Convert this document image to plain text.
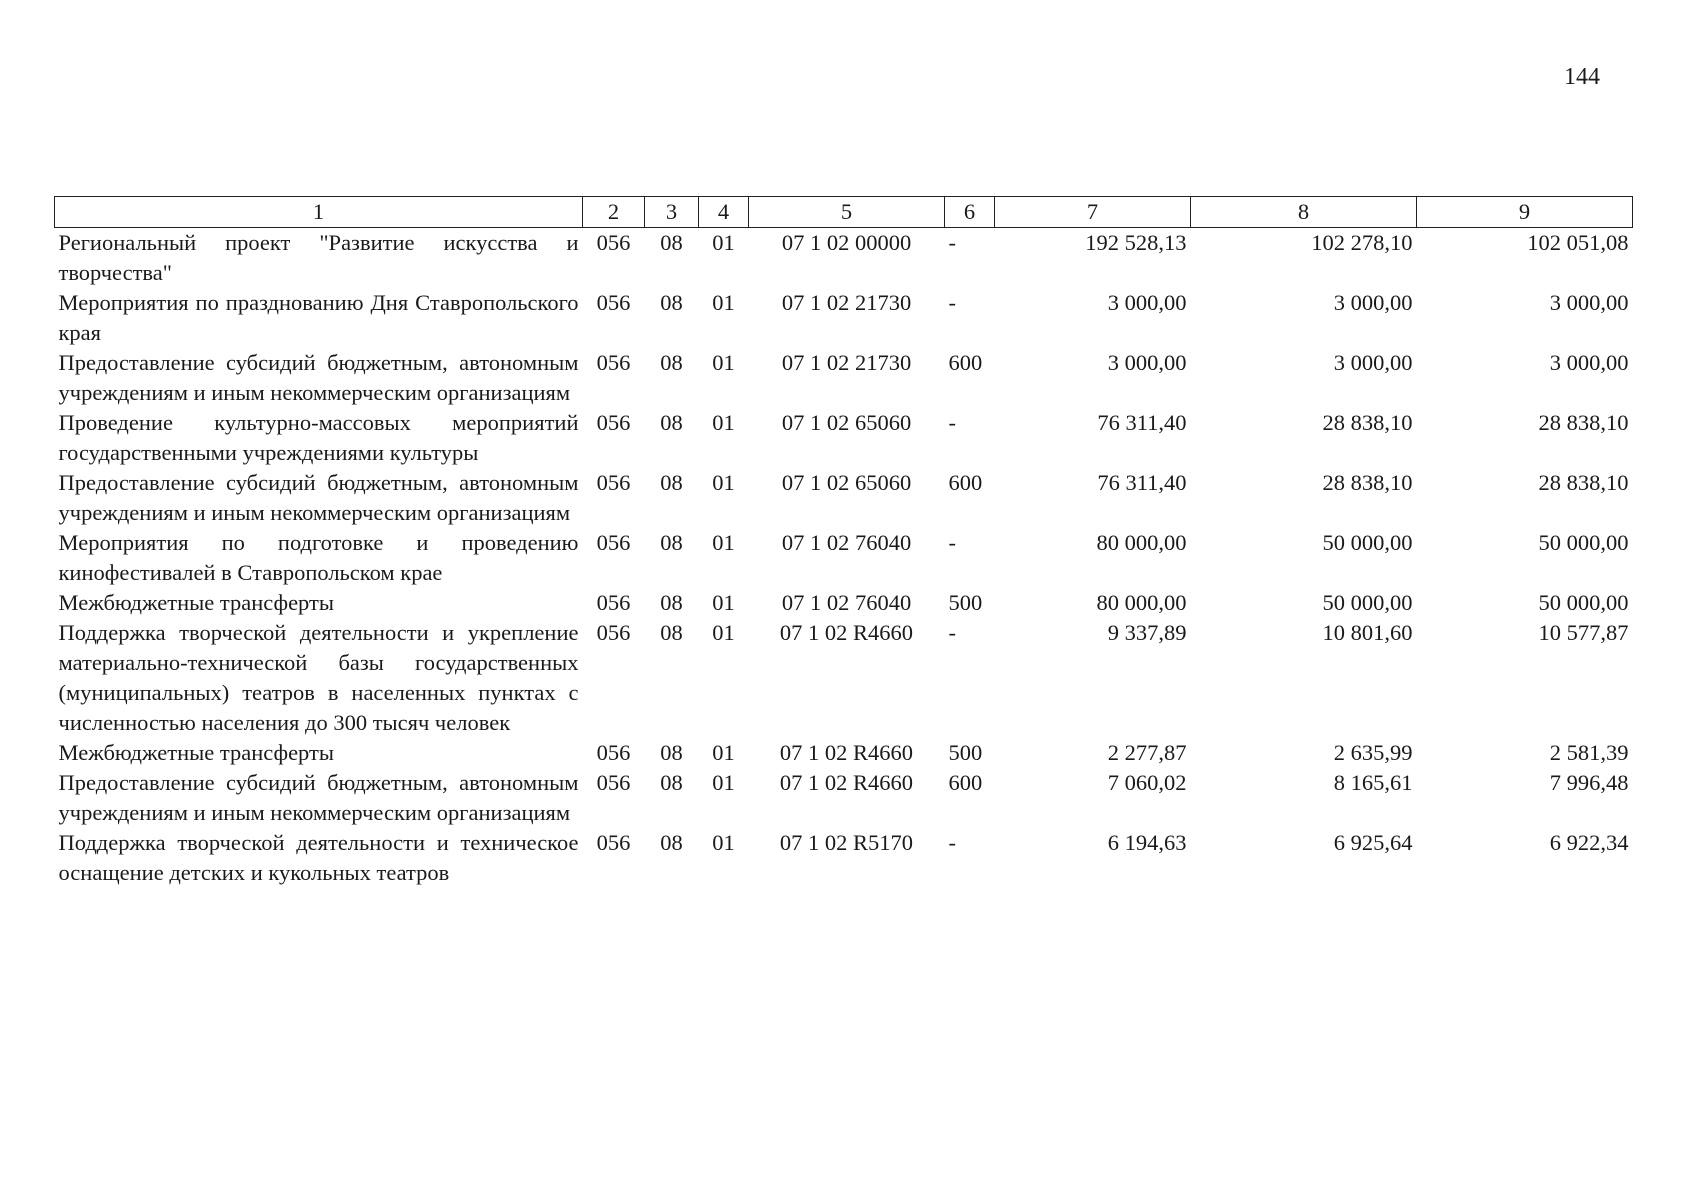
144
1	2	3	4	5	6	7	8	9
Региональный проект "Развитие искусства и творчества"	056	08	01	07 1 02 00000	-	192 528,13	102 278,10	102 051,08
Мероприятия по празднованию Дня Ставропольского края	056	08	01	07 1 02 21730	-	3 000,00	3 000,00	3 000,00
Предоставление субсидий бюджетным, автономным учреждениям и иным некоммерческим организациям	056	08	01	07 1 02 21730	600	3 000,00	3 000,00	3 000,00
Проведение культурно-массовых мероприятий государственными учреждениями культуры	056	08	01	07 1 02 65060	-	76 311,40	28 838,10	28 838,10
Предоставление субсидий бюджетным, автономным учреждениям и иным некоммерческим организациям	056	08	01	07 1 02 65060	600	76 311,40	28 838,10	28 838,10
Мероприятия по подготовке и проведению кинофестивалей в Ставропольском крае	056	08	01	07 1 02 76040	-	80 000,00	50 000,00	50 000,00
Межбюджетные трансферты	056	08	01	07 1 02 76040	500	80 000,00	50 000,00	50 000,00
Поддержка творческой деятельности и укрепление материально-технической базы государственных (муниципальных) театров в населенных пунктах с численностью населения до 300 тысяч человек	056	08	01	07 1 02 R4660	-	9 337,89	10 801,60	10 577,87
Межбюджетные трансферты	056	08	01	07 1 02 R4660	500	2 277,87	2 635,99	2 581,39
Предоставление субсидий бюджетным, автономным учреждениям и иным некоммерческим организациям	056	08	01	07 1 02 R4660	600	7 060,02	8 165,61	7 996,48
Поддержка творческой деятельности и техническое оснащение детских и кукольных театров	056	08	01	07 1 02 R5170	-	6 194,63	6 925,64	6 922,34
